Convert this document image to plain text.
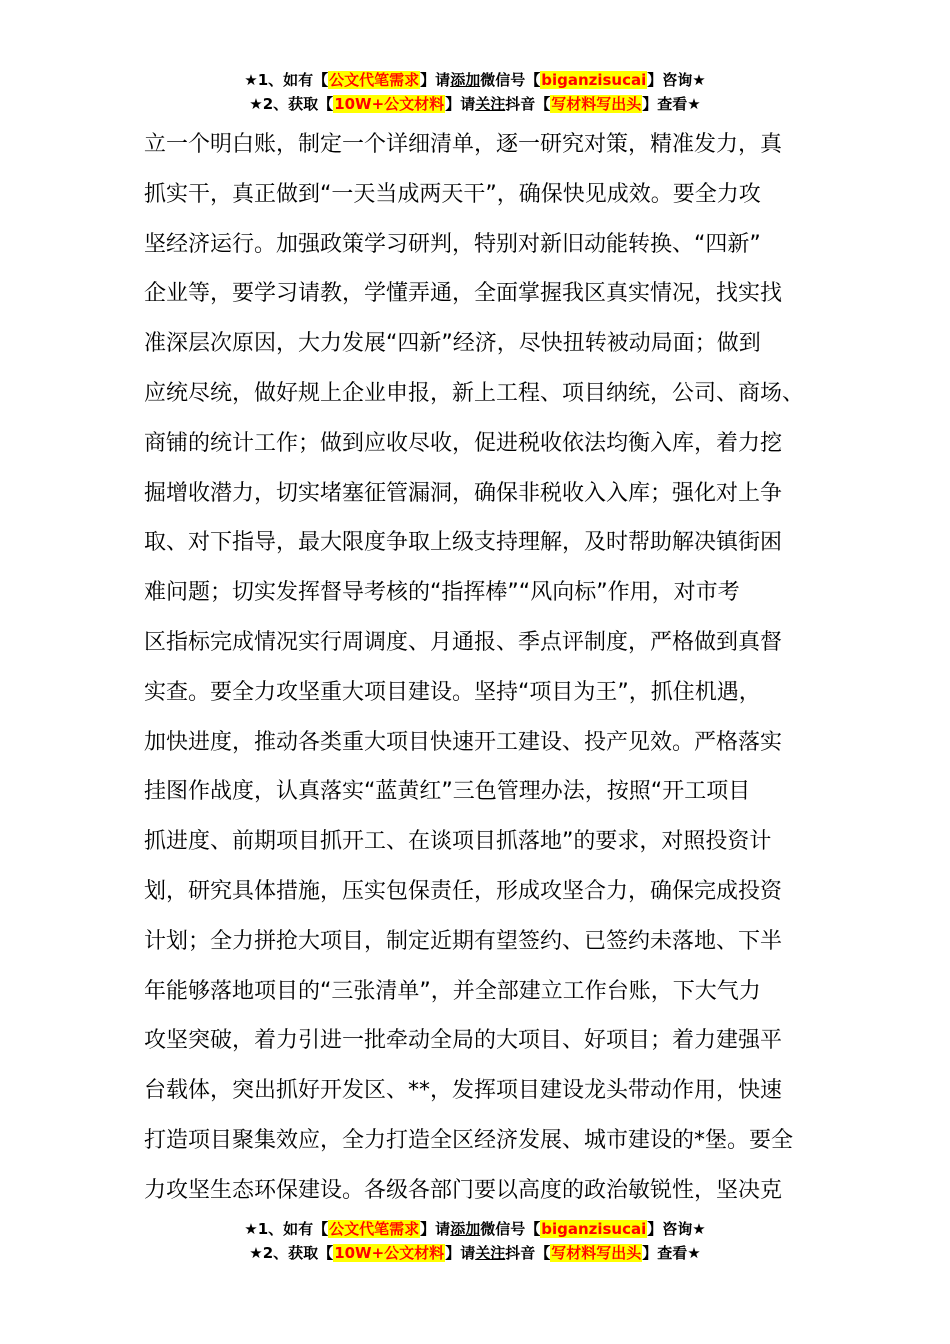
★1、如有【公文代笔需求】请添加微信号【biganzisucai】咨询★
★2、获取【10W+公文材料】请关注抖音【写材料写出头】查看★
立一个明白账，制定一个详细清单，逐一研究对策，精准发力，真
抓实干，真正做到“一天当成两天干”，确保快见成效。要全力攻
坚经济运行。加强政策学习研判，特别对新旧动能转换、“四新”
企业等，要学习请教，学懂弄通，全面掌握我区真实情况，找实找
准深层次原因，大力发展“四新”经济，尽快扭转被动局面；做到
应统尽统，做好规上企业申报，新上工程、项目纳统，公司、商场、
商铺的统计工作；做到应收尽收，促进税收依法均衡入库，着力挖
掘增收潜力，切实堵塞征管漏洞，确保非税收入入库；强化对上争
取、对下指导，最大限度争取上级支持理解，及时帮助解决镇街困
难问题；切实发挥督导考核的“指挥棒”“风向标”作用，对市考
区指标完成情况实行周调度、月通报、季点评制度，严格做到真督
实查。要全力攻坚重大项目建设。坚持“项目为王”，抓住机遇，
加快进度，推动各类重大项目快速开工建设、投产见效。严格落实
挂图作战度，认真落实“蓝黄红”三色管理办法，按照“开工项目
抓进度、前期项目抓开工、在谈项目抓落地”的要求，对照投资计
划，研究具体措施，压实包保责任，形成攻坚合力，确保完成投资
计划；全力拼抢大项目，制定近期有望签约、已签约未落地、下半
年能够落地项目的“三张清单”，并全部建立工作台账，下大气力
攻坚突破，着力引进一批牵动全局的大项目、好项目；着力建强平
台载体，突出抓好开发区、**，发挥项目建设龙头带动作用，快速
打造项目聚集效应，全力打造全区经济发展、城市建设的*堡。要全
力攻坚生态环保建设。各级各部门要以高度的政治敏锐性，坚决克
★1、如有【公文代笔需求】请添加微信号【biganzisucai】咨询★
★2、获取【10W+公文材料】请关注抖音【写材料写出头】查看★
